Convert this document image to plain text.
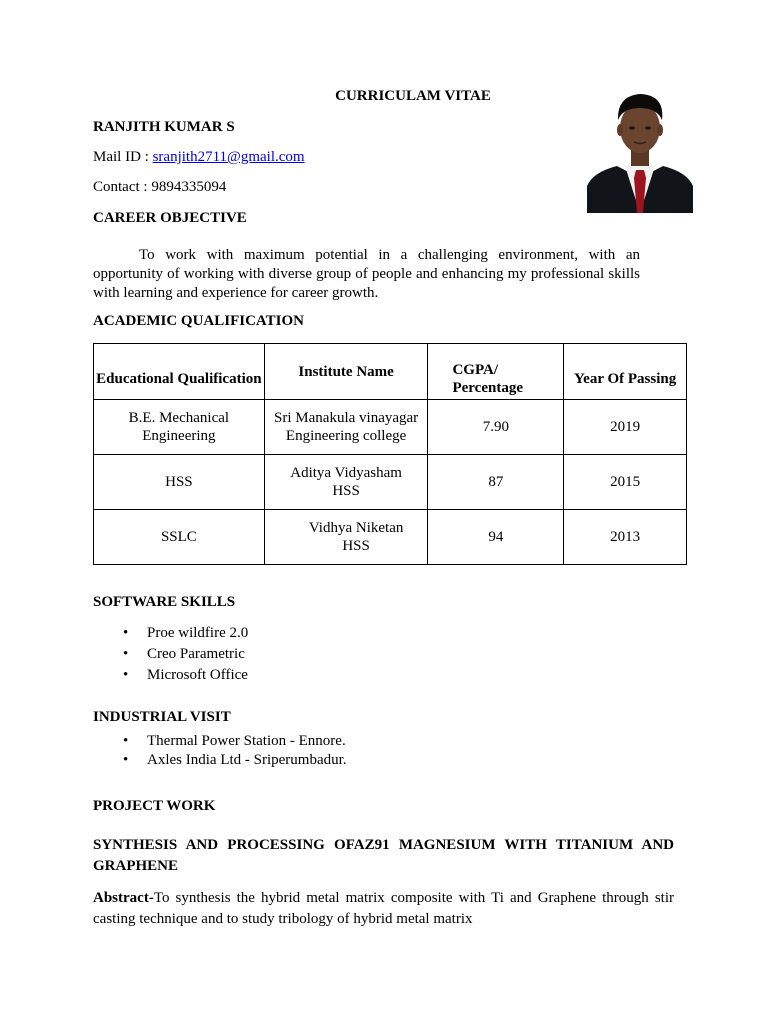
CURRICULAM VITAE
RANJITH KUMAR S
Mail ID : sranjith2711@gmail.com
Contact : 9894335094
CAREER OBJECTIVE

To work with maximum potential in a challenging environment, with an opportunity of working with diverse group of people and enhancing my professional skills with learning and experience for career growth.

ACADEMIC QUALIFICATION
Educational Qualification	Institute Name	CGPA/ Percentage	Year Of Passing
B.E. Mechanical Engineering	Sri Manakula vinayagar Engineering college	7.90	2019
HSS	Aditya Vidyasham HSS	87	2015
SSLC	Vidhya Niketan HSS	94	2013
SOFTWARE SKILLS
• Proe wildfire 2.0
• Creo Parametric
• Microsoft Office
INDUSTRIAL VISIT
• Thermal Power Station - Ennore.
• Axles India Ltd - Sriperumbadur.
PROJECT WORK
SYNTHESIS AND PROCESSING OFAZ91 MAGNESIUM WITH TITANIUM AND GRAPHENE
Abstract-To synthesis the hybrid metal matrix composite with Ti and Graphene through stir casting technique and to study tribology of hybrid metal matrix
